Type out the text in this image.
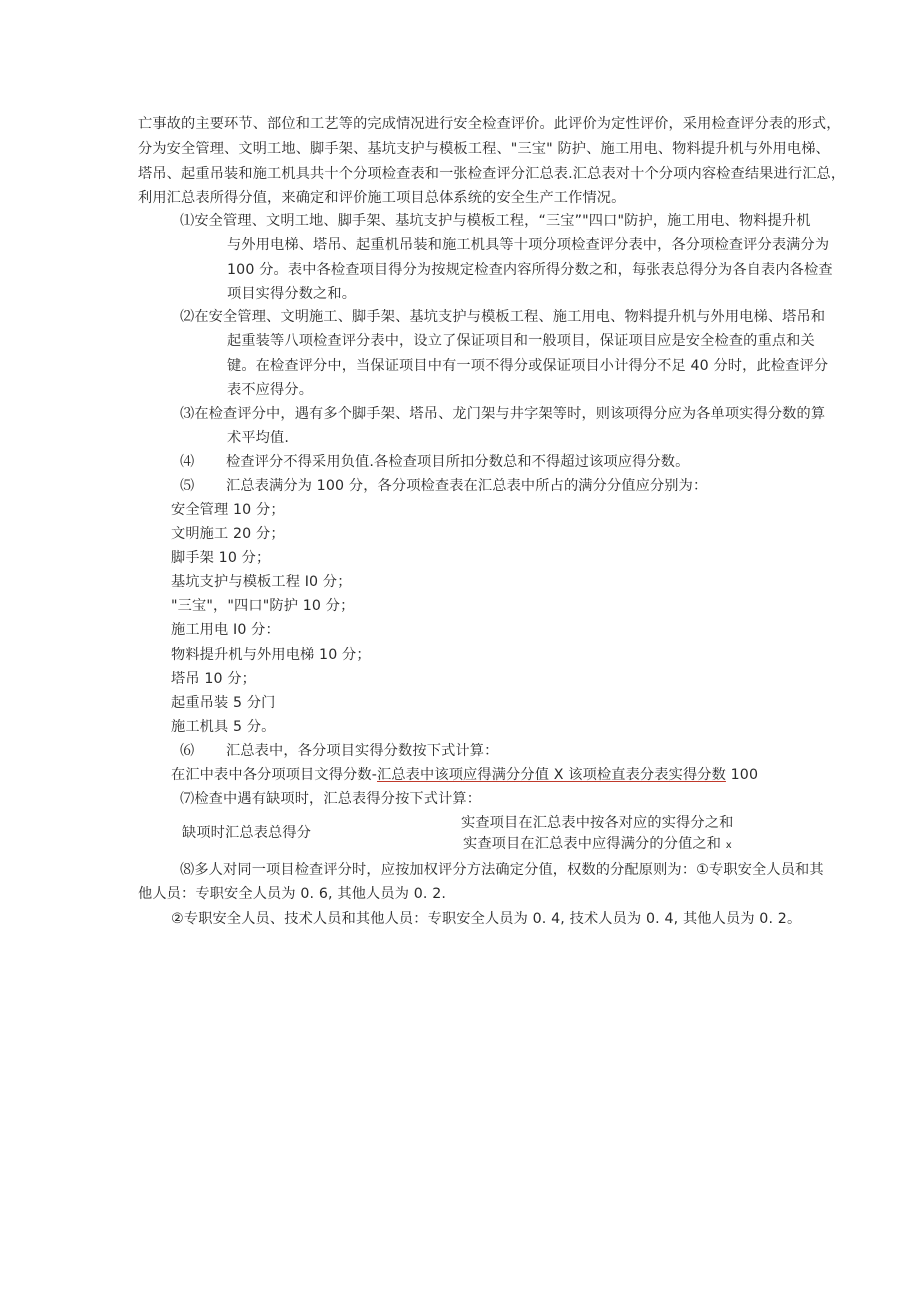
亡事故的主要环节、部位和工艺等的完成情况进行安全检查评价。此评价为定性评价，采用检查评分表的形式，
分为安全管理、文明工地、脚手架、基坑支护与模板工程、"三宝" 防护、施工用电、物料提升机与外用电梯、
塔吊、起重吊装和施工机具共十个分项检查表和一张检查评分汇总表.汇总表对十个分项内容检查结果进行汇总，
利用汇总表所得分值，来确定和评价施工项目总体系统的安全生产工作情况。
⑴安全管理、文明工地、脚手架、基坑支护与模板工程，“三宝”"四口"防护，施工用电、物料提升机
与外用电梯、塔吊、起重机吊装和施工机具等十项分项检查评分表中，各分项检查评分表满分为
100 分。表中各检查项目得分为按规定检查内容所得分数之和，每张表总得分为各自表内各检查
项目实得分数之和。
⑵在安全管理、文明施工、脚手架、基坑支护与模板工程、施工用电、物料提升机与外用电梯、塔吊和
起重装等八项检查评分表中，设立了保证项目和一般项目，保证项目应是安全检查的重点和关
键。在检查评分中，当保证项目中有一项不得分或保证项目小计得分不足 40 分时，此检查评分
表不应得分。
⑶在检查评分中，遇有多个脚手架、塔吊、龙门架与井字架等时，则该项得分应为各单项实得分数的算
术平均值.
⑷ 检查评分不得采用负值.各检查项目所扣分数总和不得超过该项应得分数。
⑸ 汇总表满分为 100 分，各分项检查表在汇总表中所占的满分分值应分别为：
安全管理 10 分；
文明施工 20 分；
脚手架 10 分；
基坑支护与模板工程 I0 分；
"三宝"，"四口"防护 10 分；
施工用电 I0 分：
物料提升机与外用电梯 10 分；
塔吊 10 分；
起重吊装 5 分门
施工机具 5 分。
⑹ 汇总表中，各分项目实得分数按下式计算：
在汇中表中各分项项目文得分数-汇总表中该项应得满分分值 X 该项检直表分表实得分数 100
⑺检查中遇有缺项时，汇总表得分按下式计算：
缺项时汇总表总得分
实查项目在汇总表中按各对应的实得分之和
实查项目在汇总表中应得满分的分值之和 x
⑻多人对同一项目检查评分时，应按加权评分方法确定分值，权数的分配原则为：①专职安全人员和其
他人员：专职安全人员为 0. 6, 其他人员为 0. 2.
②专职安全人员、技术人员和其他人员：专职安全人员为 0. 4, 技术人员为 0. 4, 其他人员为 0. 2。
